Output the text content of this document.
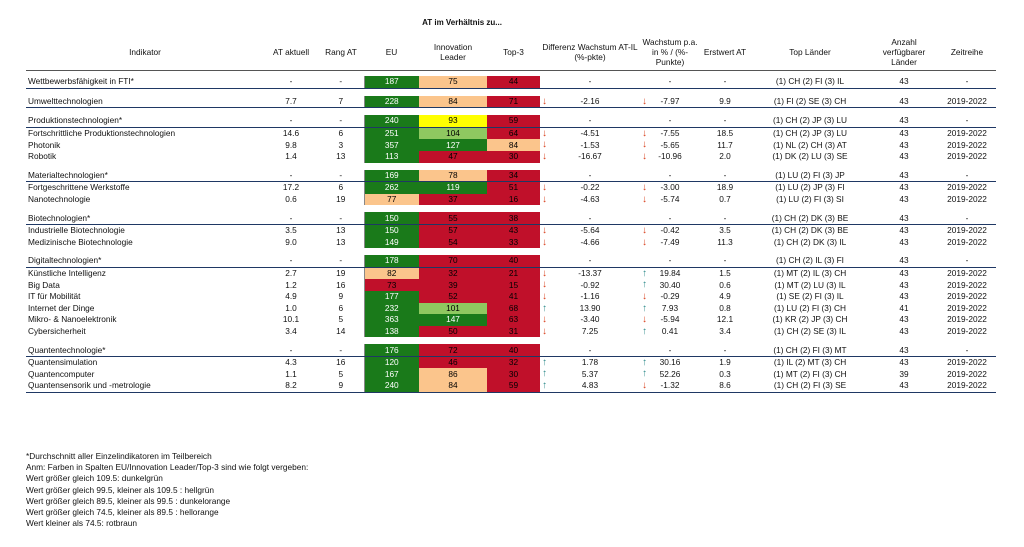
AT im Verhältnis zu...
Indikator	AT aktuell	Rang AT	EU	Innovation Leader	Top-3	Differenz Wachstum AT-IL (%-pkte)	Wachstum p.a. in % / (%-Punkte)	Erstwert AT	Top Länder	Anzahl verfügbarer Länder	Zeitreihe

Wettbewerbsfähigkeit in FTI*	-	-	187	75	44	-	-	-	(1) CH (2) FI (3) IL	43	-

Umwelttechnologien	7.7	7	228	84	71	↓ -2.16	↓ -7.97	9.9	(1) FI (2) SE (3) CH	43	2019-2022

Produktionstechnologien*	-	-	240	93	59	-	-	-	(1) CH (2) JP (3) LU	43	-
Fortschrittliche Produktionstechnologien	14.6	6	251	104	64	↓ -4.51	↓ -7.55	18.5	(1) CH (2) JP (3) LU	43	2019-2022
Photonik	9.8	3	357	127	84	↓ -1.53	↓ -5.65	11.7	(1) NL (2) CH (3) AT	43	2019-2022
Robotik	1.4	13	113	47	30	↓ -16.67	↓ -10.96	2.0	(1) DK (2) LU (3) SE	43	2019-2022

Materialtechnologien*	-	-	169	78	34	-	-	-	(1) LU (2) FI (3) JP	43	-
Fortgeschrittene Werkstoffe	17.2	6	262	119	51	↓ -0.22	↓ -3.00	18.9	(1) LU (2) JP (3) FI	43	2019-2022
Nanotechnologie	0.6	19	77	37	16	↓ -4.63	↓ -5.74	0.7	(1) LU (2) FI (3) SI	43	2019-2022

Biotechnologien*	-	-	150	55	38	-	-	-	(1) CH (2) DK (3) BE	43	-
Industrielle Biotechnologie	3.5	13	150	57	43	↓ -5.64	↓ -0.42	3.5	(1) CH (2) DK (3) BE	43	2019-2022
Medizinische Biotechnologie	9.0	13	149	54	33	↓ -4.66	↓ -7.49	11.3	(1) CH (2) DK (3) IL	43	2019-2022

Digitaltechnologien*	-	-	178	70	40	-	-	-	(1) CH (2) IL (3) FI	43	-
Künstliche Intelligenz	2.7	19	82	32	21	↓ -13.37	↑ 19.84	1.5	(1) MT (2) IL (3) CH	43	2019-2022
Big Data	1.2	16	73	39	15	↓ -0.92	↑ 30.40	0.6	(1) MT (2) LU (3) IL	43	2019-2022
IT für Mobilität	4.9	9	177	52	41	↓ -1.16	↓ -0.29	4.9	(1) SE (2) FI (3) IL	43	2019-2022
Internet der Dinge	1.0	6	232	101	68	↑ 13.90	↑ 7.93	0.8	(1) LU (2) FI (3) CH	41	2019-2022
Mikro- & Nanoelektronik	10.1	5	363	147	63	↓ -3.40	↓ -5.94	12.1	(1) KR (2) JP (3) CH	43	2019-2022
Cybersicherheit	3.4	14	138	50	31	↓ 7.25	↑ 0.41	3.4	(1) CH (2) SE (3) IL	43	2019-2022

Quantentechnologie*	-	-	176	72	40	-	-	-	(1) CH (2) FI (3) MT	43	-
Quantensimulation	4.3	16	120	46	32	↑ 1.78	↑ 30.16	1.9	(1) IL (2) MT (3) CH	43	2019-2022
Quantencomputer	1.1	5	167	86	30	↑ 5.37	↑ 52.26	0.3	(1) MT (2) FI (3) CH	39	2019-2022
Quantensensorik und -metrologie	8.2	9	240	84	59	↑ 4.83	↓ -1.32	8.6	(1) CH (2) FI (3) SE	43	2019-2022
*Durchschnitt aller Einzelindikatoren im Teilbereich
Anm: Farben in Spalten EU/Innovation Leader/Top-3 sind wie folgt vergeben:
Wert größer gleich 109.5: dunkelgrün
Wert größer gleich 99.5, kleiner als 109.5 : hellgrün
Wert größer gleich 89.5, kleiner als 99.5 : dunkelorange
Wert größer gleich 74.5, kleiner als 89.5 : hellorange
Wert kleiner als 74.5: rotbraun
